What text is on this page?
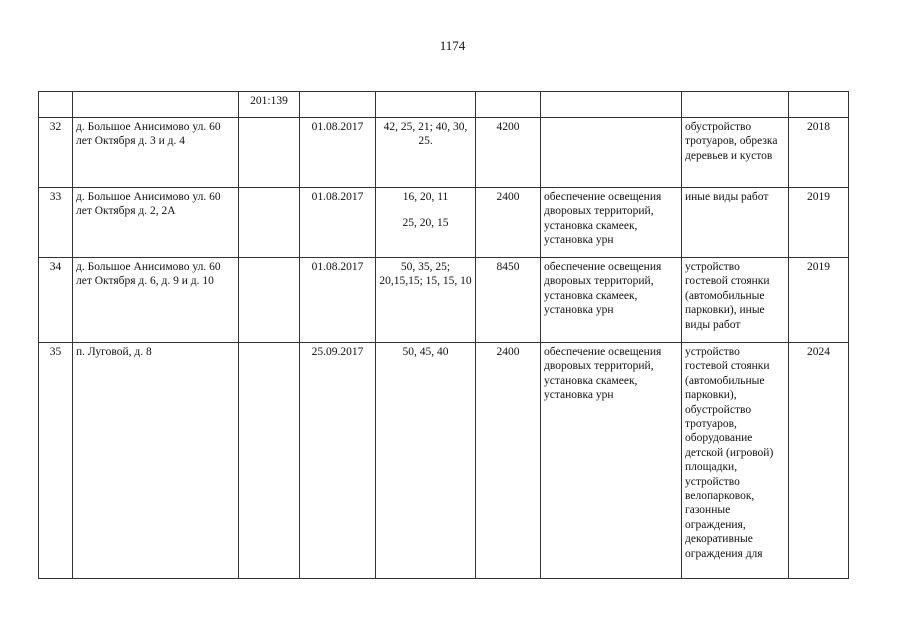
1174
		201:139						
32	д. Большое Анисимово ул. 60 лет Октября д. 3 и д. 4		01.08.2017	42, 25, 21; 40, 30, 25.	4200		обустройство тротуаров, обрезка деревьев и кустов	2018
33	д. Большое Анисимово ул. 60 лет Октября д. 2, 2А		01.08.2017	16, 20, 11
25, 20, 15	2400	обеспечение освещения дворовых территорий, установка скамеек, установка урн	иные виды работ	2019
34	д. Большое Анисимово ул. 60 лет Октября д. 6, д. 9 и д. 10		01.08.2017	50, 35, 25; 20,15,15; 15, 15, 10	8450	обеспечение освещения дворовых территорий, установка скамеек, установка урн	устройство гостевой стоянки (автомобильные парковки), иные виды работ	2019
35	п. Луговой, д. 8		25.09.2017	50, 45, 40	2400	обеспечение освещения дворовых территорий, установка скамеек, установка урн	устройство гостевой стоянки (автомобильные парковки), обустройство тротуаров, оборудование детской (игровой) площадки, устройство велопарковок, газонные ограждения, декоративные ограждения для	2024
